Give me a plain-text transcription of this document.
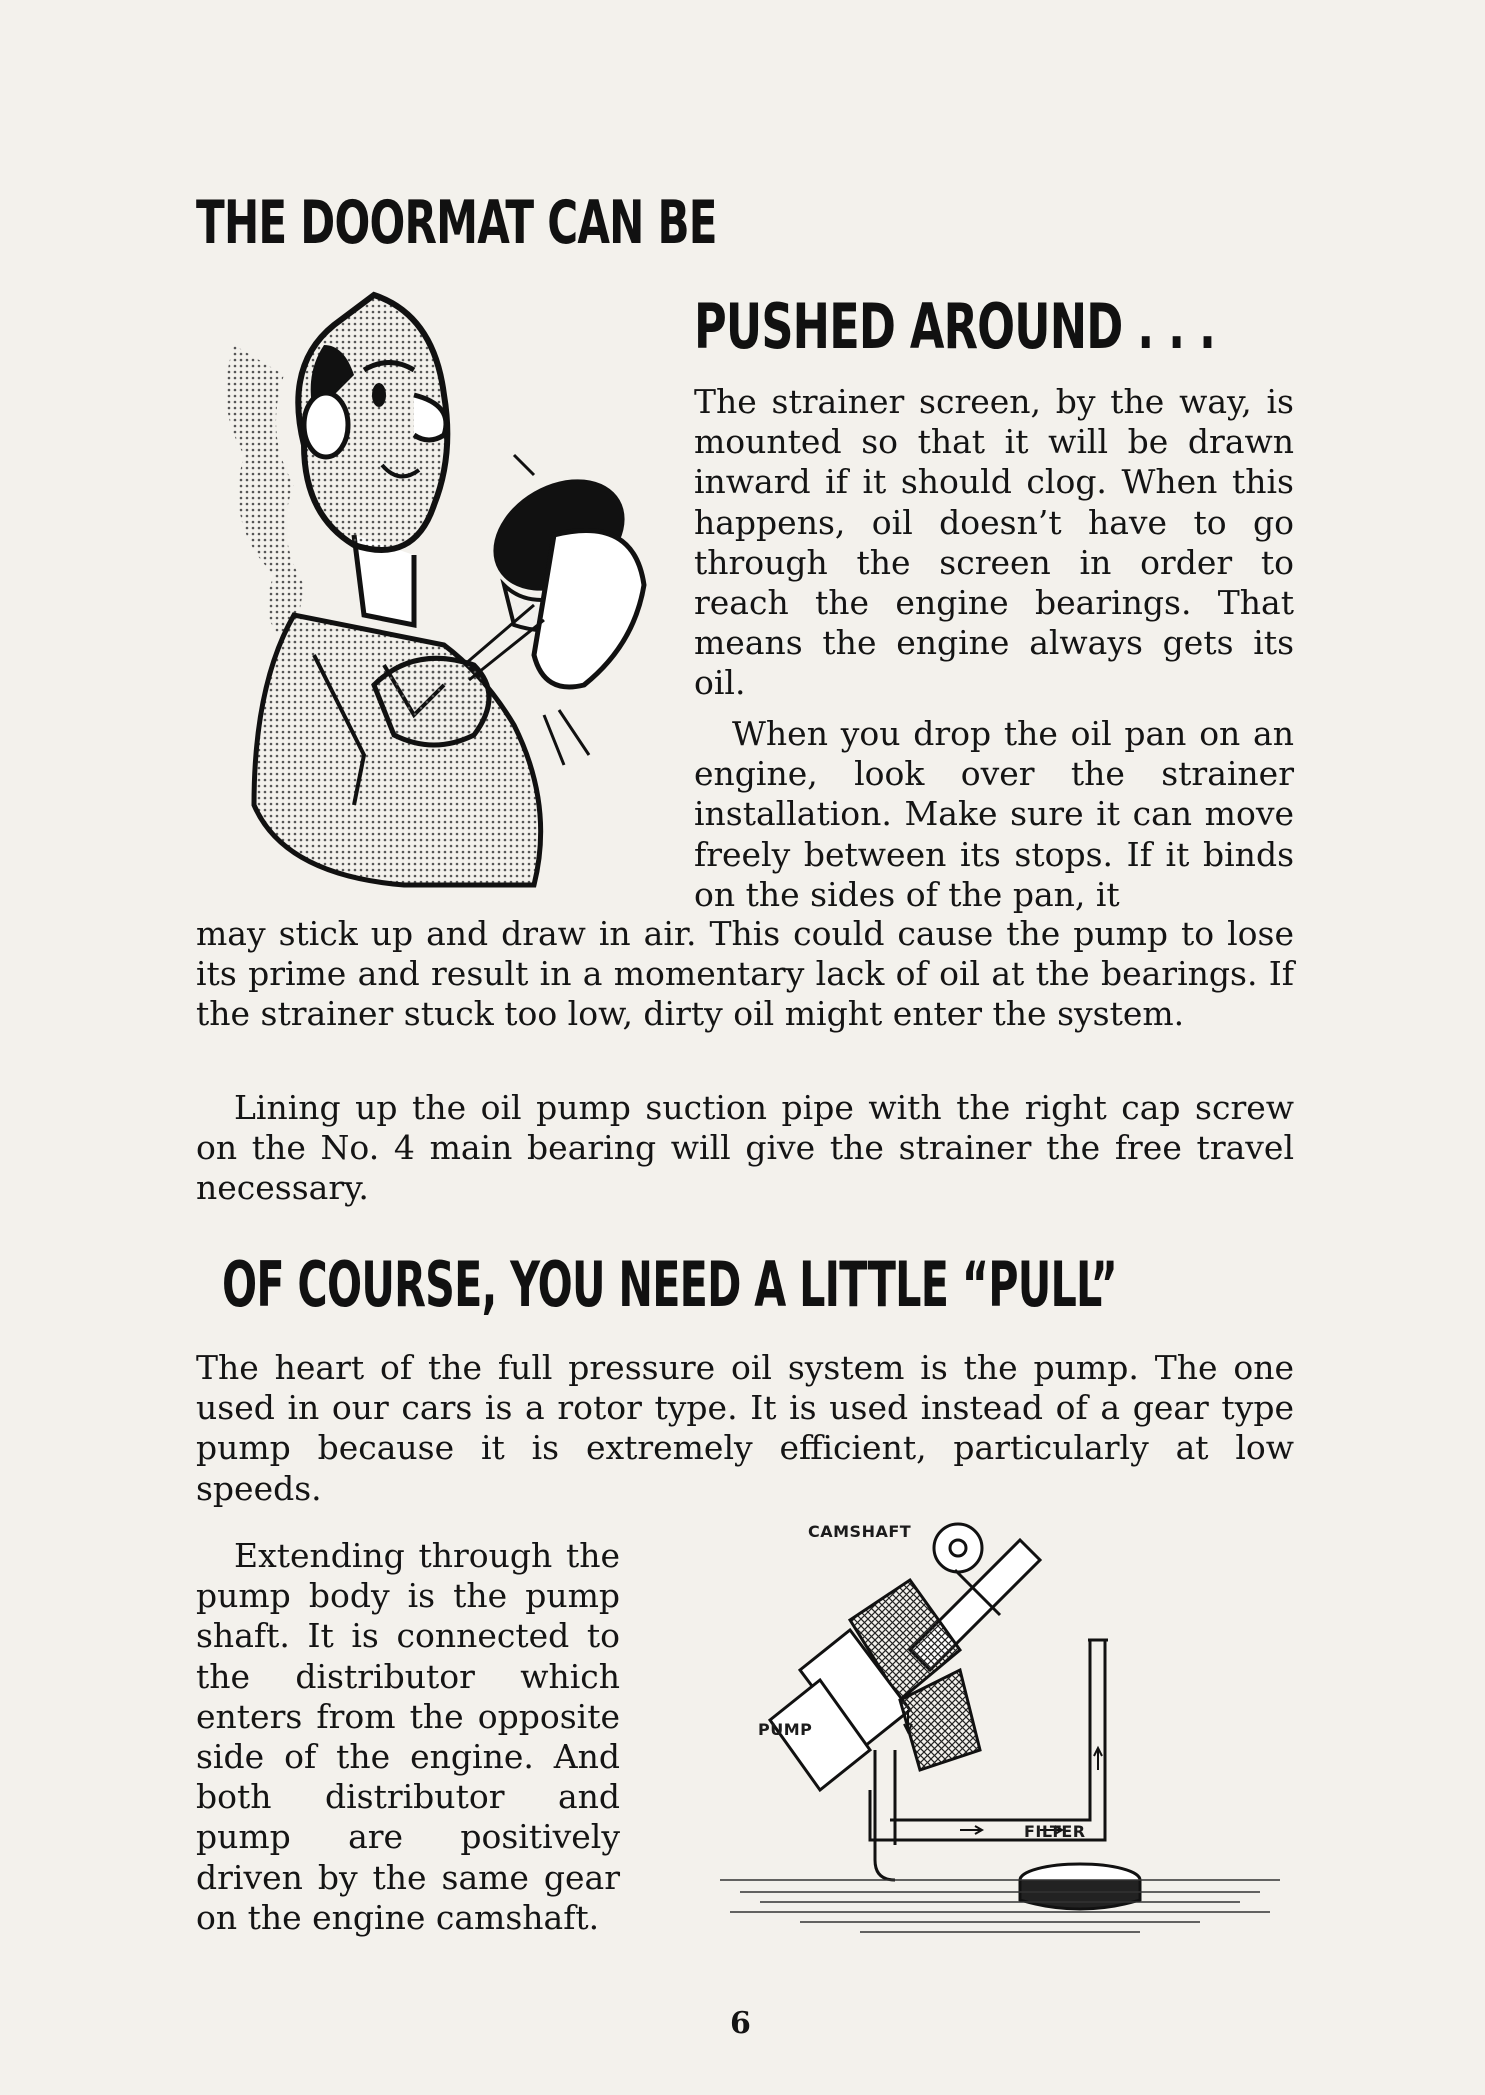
THE DOORMAT CAN BE
PUSHED AROUND . . .

The strainer screen, by the way, is mounted so that it will be drawn inward if it should clog. When this happens, oil doesn’t have to go through the screen in order to reach the engine bearings. That means the engine always gets its oil.

When you drop the oil pan on an engine, look over the strainer installation. Make sure it can move freely between its stops. If it binds on the sides of the pan, it

may stick up and draw in air. This could cause the pump to lose its prime and result in a momentary lack of oil at the bearings. If the strainer stuck too low, dirty oil might enter the system.

Lining up the oil pump suction pipe with the right cap screw on the No. 4 main bearing will give the strainer the free travel necessary.

OF COURSE, YOU NEED A LITTLE “PULL”

The heart of the full pressure oil system is the pump. The one used in our cars is a rotor type. It is used instead of a gear type pump because it is extremely efficient, particularly at low speeds.

Extending through the pump body is the pump shaft. It is connected to the distributor which enters from the opposite side of the engine. And both distributor and pump are positively driven by the same gear on the engine camshaft.

CAMSHAFT
PUMP
FILTER
6
